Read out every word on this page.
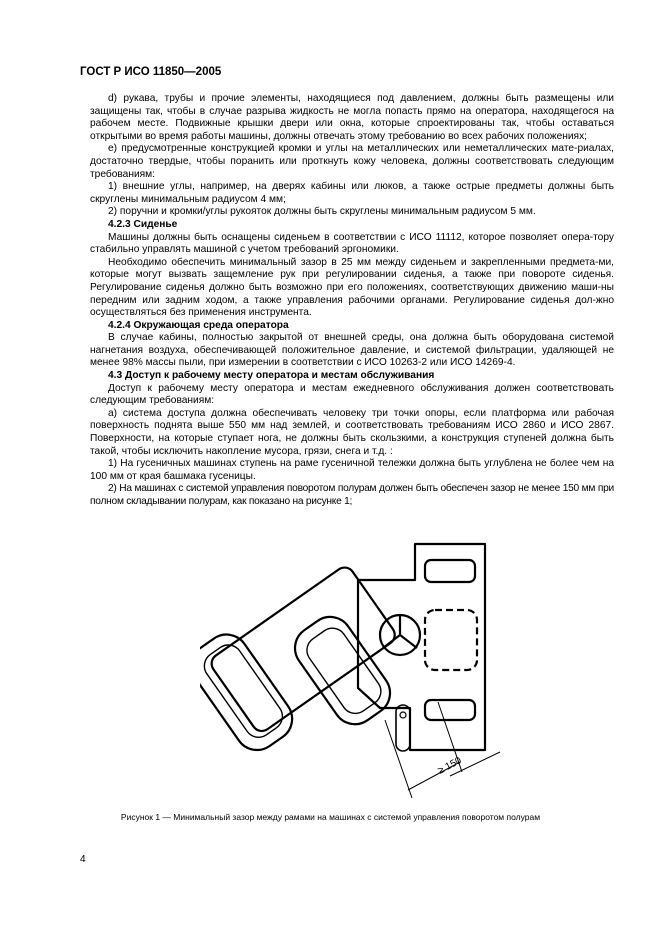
ГОСТ Р ИСО 11850—2005

d) рукава, трубы и прочие элементы, находящиеся под давлением, должны быть размещены или защищены так, чтобы в случае разрыва жидкость не могла попасть прямо на оператора, находящегося на рабочем месте. Подвижные крышки двери или окна, которые спроектированы так, чтобы оставаться открытыми во время работы машины, должны отвечать этому требованию во всех рабочих положениях;

e) предусмотренные конструкцией кромки и углы на металлических или неметаллических мате-риалах, достаточно твердые, чтобы поранить или проткнуть кожу человека, должны соответствовать следующим требованиям:

1) внешние углы, например, на дверях кабины или люков, а также острые предметы должны быть скруглены минимальным радиусом 4 мм;

2) поручни и кромки/углы рукояток должны быть скруглены минимальным радиусом 5 мм.

4.2.3 Сиденье

Машины должны быть оснащены сиденьем в соответствии с ИСО 11112, которое позволяет опера-тору стабильно управлять машиной с учетом требований эргономики.

Необходимо обеспечить минимальный зазор в 25 мм между сиденьем и закрепленными предмета-ми, которые могут вызвать защемление рук при регулировании сиденья, а также при повороте сиденья. Регулирование сиденья должно быть возможно при его положениях, соответствующих движению маши-ны передним или задним ходом, а также управления рабочими органами. Регулирование сиденья дол-жно осуществляться без применения инструмента.

4.2.4 Окружающая среда оператора

В случае кабины, полностью закрытой от внешней среды, она должна быть оборудована системой нагнетания воздуха, обеспечивающей положительное давление, и системой фильтрации, удаляющей не менее 98% массы пыли, при измерении в соответствии с ИСО 10263-2 или ИСО 14269-4.

4.3 Доступ к рабочему месту оператора и местам обслуживания

Доступ к рабочему месту оператора и местам ежедневного обслуживания должен соответствовать следующим требованиям:

a) система доступа должна обеспечивать человеку три точки опоры, если платформа или рабочая поверхность поднята выше 550 мм над землей, и соответствовать требованиям ИСО 2860 и ИСО 2867. Поверхности, на которые ступает нога, не должны быть скользкими, а конструкция ступеней должна быть такой, чтобы исключить накопление мусора, грязи, снега и т.д. :

1) На гусеничных машинах ступень на раме гусеничной тележки должна быть углублена не более чем на 100 мм от края башмака гусеницы.

2) На машинах с системой управления поворотом полурам должен быть обеспечен зазор не менее 150 мм при полном складывании полурам, как показано на рисунке 1;

≥ 150
Рисунок 1 — Минимальный зазор между рамами на машинах с системой управления поворотом полурам
4
